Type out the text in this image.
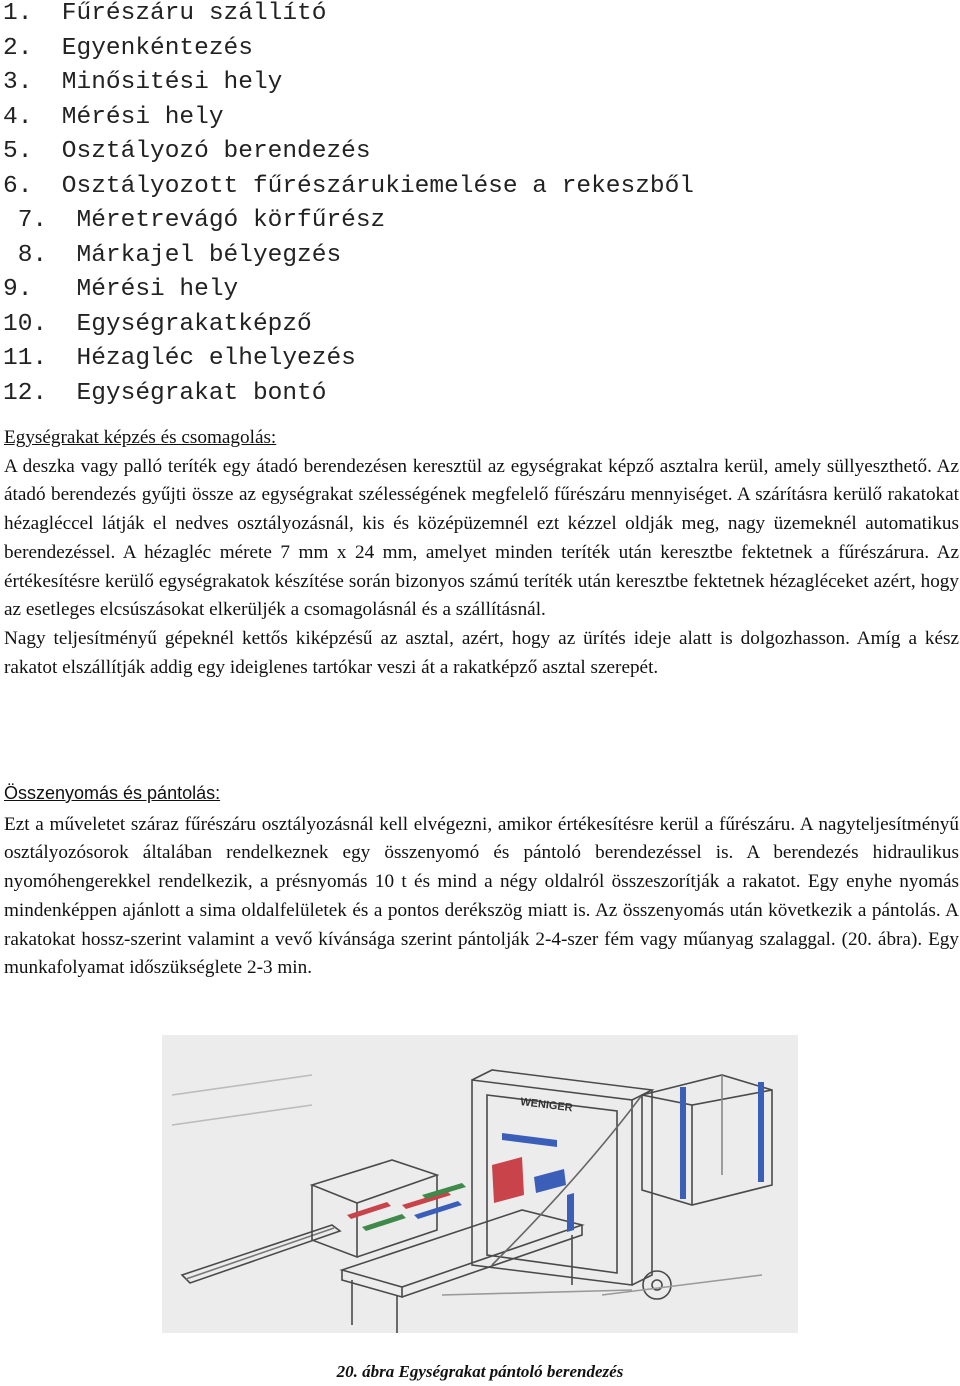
1.  Fűrészáru szállító
2.  Egyenkéntezés
3.  Minősitési hely
4.  Mérési hely
5.  Osztályozó berendezés
6.  Osztályozott fűrészárukiemelése a rekeszből
7.  Méretrevágó körfűrész
8.  Márkajel bélyegzés
9.   Mérési hely
10.  Egységrakatképző
11.  Hézagléc elhelyezés
12.  Egységrakat bontó

Egységrakat képzés és csomagolás:

A deszka vagy palló teríték egy átadó berendezésen keresztül az egységrakat képző asztalra kerül, amely süllyeszthető. Az átadó berendezés gyűjti össze az egységrakat szélességének megfelelő fűrészáru mennyiséget. A szárításra kerülő rakatokat hézagléccel látják el nedves osztályozásnál, kis és középüzemnél ezt kézzel oldják meg, nagy üzemeknél automatikus berendezéssel. A hézagléc mérete 7 mm x 24 mm, amelyet minden teríték után keresztbe fektetnek a fűrészárura. Az értékesítésre kerülő egységrakatok készítése során bizonyos számú teríték után keresztbe fektetnek hézagléceket azért, hogy az esetleges elcsúszásokat elkerüljék a csomagolásnál és a szállításnál.

Nagy teljesítményű gépeknél kettős kiképzésű az asztal, azért, hogy az ürítés ideje alatt is dolgozhasson. Amíg a kész rakatot elszállítják addig egy ideiglenes tartókar veszi át a rakatképző asztal szerepét.

Összenyomás és pántolás:

Ezt a műveletet száraz fűrészáru osztályozásnál kell elvégezni, amikor értékesítésre kerül a fűrészáru. A nagyteljesítményű osztályozósorok általában rendelkeznek egy összenyomó és pántoló berendezéssel is. A berendezés hidraulikus nyomóhengerekkel rendelkezik, a présnyomás 10 t és mind a négy oldalról összeszorítják a rakatot. Egy enyhe nyomás mindenképpen ajánlott a sima oldalfelületek és a pontos derékszög miatt is. Az összenyomás után következik a pántolás. A rakatokat hossz-szerint valamint a vevő kívánsága szerint pántolják 2-4-szer fém vagy műanyag szalaggal. (20. ábra). Egy munkafolyamat időszükséglete 2-3 min.

WENIGER
20. ábra Egységrakat pántoló berendezés
